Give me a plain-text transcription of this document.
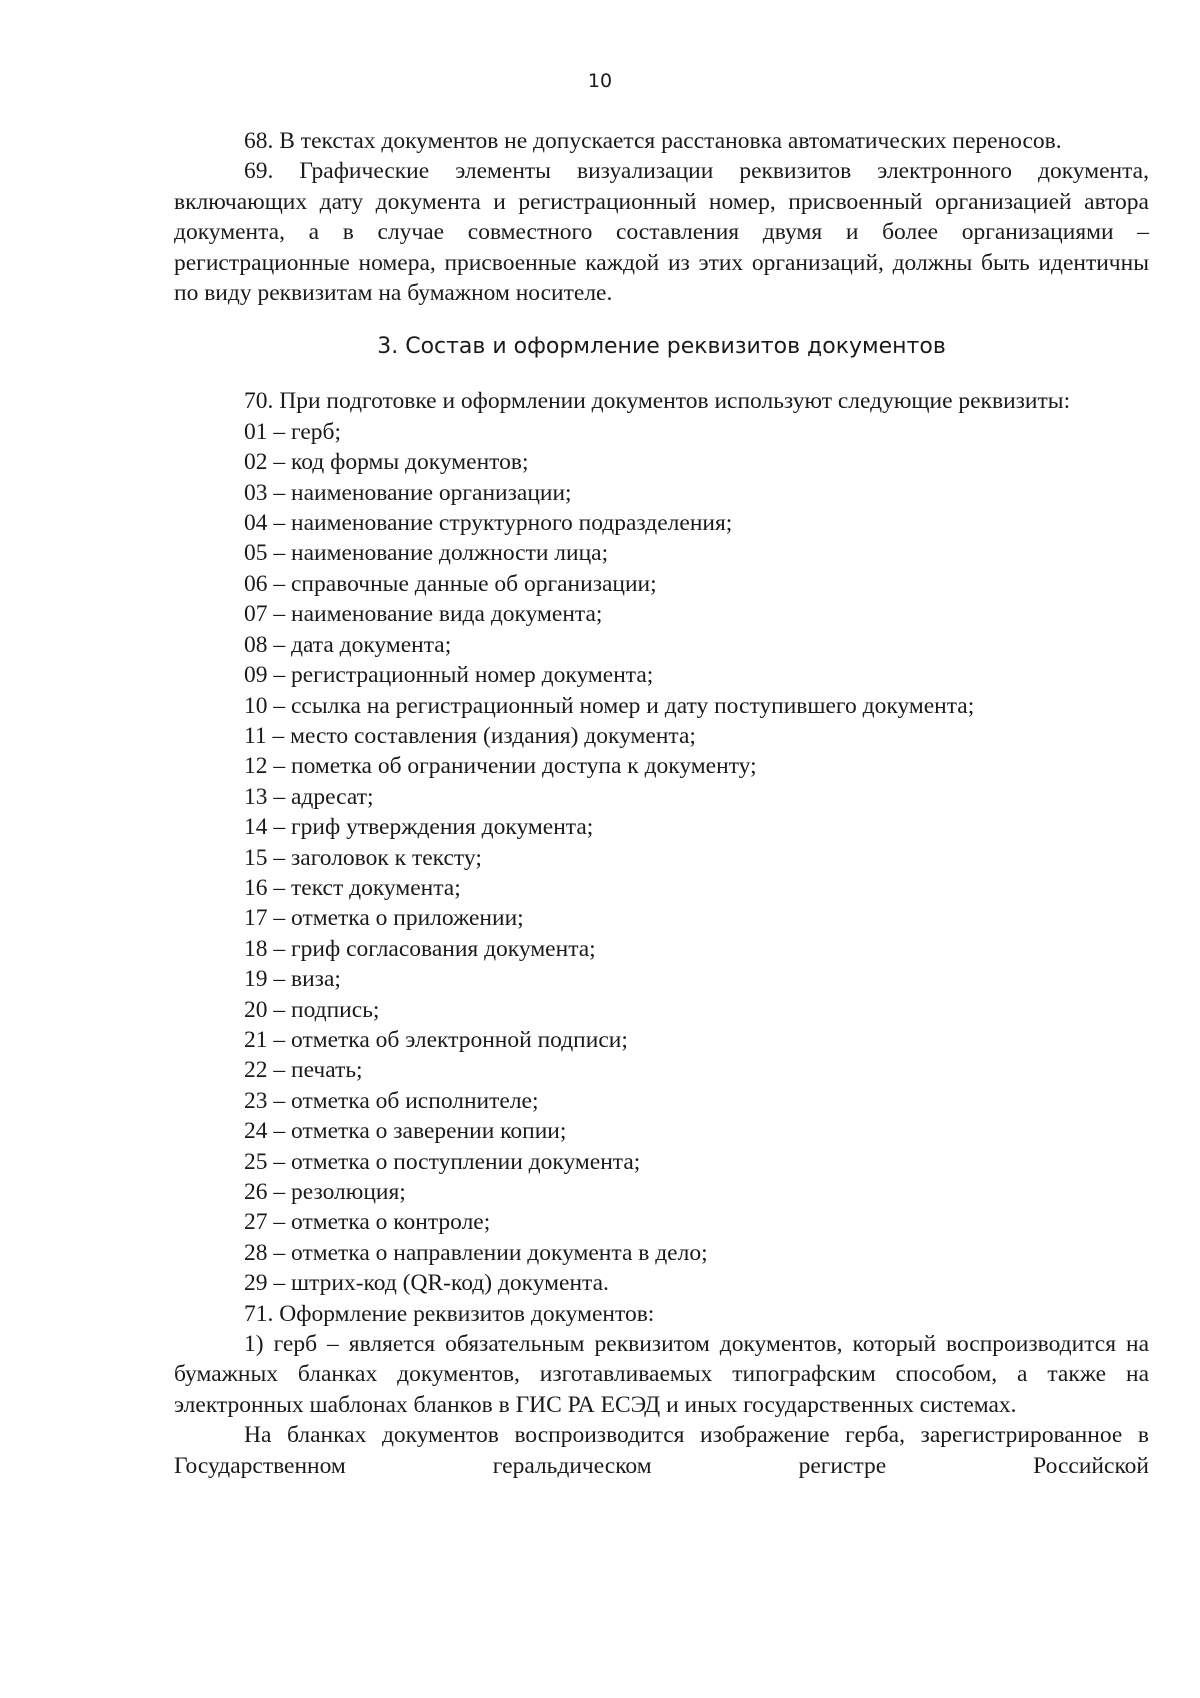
10

68. В текстах документов не допускается расстановка автоматических переносов.

69. Графические элементы визуализации реквизитов электронного документа, включающих дату документа и регистрационный номер, присвоенный организацией автора документа, а в случае совместного составления двумя и более организациями – регистрационные номера, присвоенные каждой из этих организаций, должны быть идентичны по виду реквизитам на бумажном носителе.

3. Состав и оформление реквизитов документов

70. При подготовке и оформлении документов используют следующие реквизиты:

01 – герб;
02 – код формы документов;
03 – наименование организации;
04 – наименование структурного подразделения;
05 – наименование должности лица;
06 – справочные данные об организации;
07 – наименование вида документа;
08 – дата документа;
09 – регистрационный номер документа;
10 – ссылка на регистрационный номер и дату поступившего документа;
11 – место составления (издания) документа;
12 – пометка об ограничении доступа к документу;
13 – адресат;
14 – гриф утверждения документа;
15 – заголовок к тексту;
16 – текст документа;
17 – отметка о приложении;
18 – гриф согласования документа;
19 – виза;
20 – подпись;
21 – отметка об электронной подписи;
22 – печать;
23 – отметка об исполнителе;
24 – отметка о заверении копии;
25 – отметка о поступлении документа;
26 – резолюция;
27 – отметка о контроле;
28 – отметка о направлении документа в дело;
29 – штрих-код (QR-код) документа.

71. Оформление реквизитов документов:

1) герб – является обязательным реквизитом документов, который воспроизводится на бумажных бланках документов, изготавливаемых типографским способом, а также на электронных шаблонах бланков в ГИС РА ЕСЭД и иных государственных системах.

На бланках документов воспроизводится изображение герба, зарегистрированное в Государственном геральдическом регистре Российской
